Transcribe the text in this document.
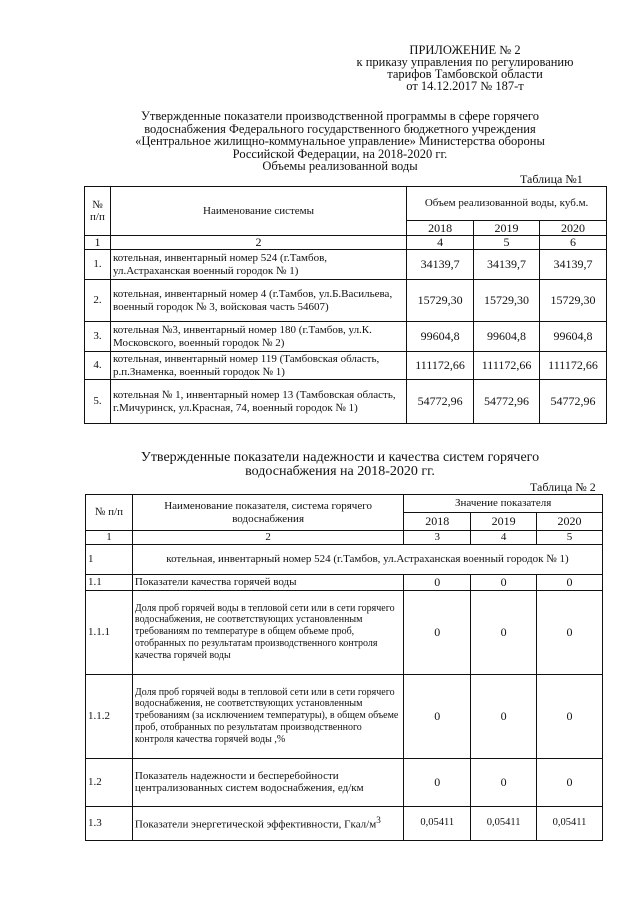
ПРИЛОЖЕНИЕ № 2
к приказу управления по регулированию
тарифов Тамбовской области
от 14.12.2017 № 187-т
Утвержденные показатели производственной программы в сфере горячего
водоснабжения Федерального государственного бюджетного учреждения
«Центральное жилищно-коммунальное управление» Министерства обороны
Российской Федерации, на 2018-2020 гг.
Объемы реализованной воды
Таблица №1
№ п/п	Наименование системы	Объем реализованной воды, куб.м.		
		2018	2019	2020
1	2	4	5	6
1.	котельная, инвентарный номер 524 (г.Тамбов, ул.Астраханская военный городок № 1)	34139,7	34139,7	34139,7
2.	котельная, инвентарный номер 4 (г.Тамбов, ул.Б.Васильева, военный городок № 3, войсковая часть 54607)	15729,30	15729,30	15729,30
3.	котельная №3, инвентарный номер 180 (г.Тамбов, ул.К. Московского, военный городок № 2)	99604,8	99604,8	99604,8
4.	котельная, инвентарный номер 119 (Тамбовская область, р.п.Знаменка, военный городок № 1)	111172,66	111172,66	111172,66
5.	котельная № 1, инвентарный номер 13 (Тамбовская область, г.Мичуринск, ул.Красная, 74, военный городок № 1)	54772,96	54772,96	54772,96
Утвержденные показатели надежности и качества систем горячего
водоснабжения на 2018-2020 гг.
Таблица № 2
№ п/п	Наименование показателя, система горячего водоснабжения	Значение показателя		
		2018	2019	2020
1	2	3	4	5
1	котельная, инвентарный номер 524 (г.Тамбов, ул.Астраханская военный городок № 1)			
1.1	Показатели качества горячей воды	0	0	0
1.1.1	Доля проб горячей воды в тепловой сети или в сети горячего водоснабжения, не соответствующих установленным требованиям по температуре в общем объеме проб, отобранных по результатам производственного контроля качества горячей воды	0	0	0
1.1.2	Доля проб горячей воды в тепловой сети или в сети горячего водоснабжения, не соответствующих установленным требованиям (за исключением температуры), в общем объеме проб, отобранных по результатам производственного контроля качества горячей воды ,%	0	0	0
1.2	Показатель надежности и бесперебойности централизованных систем водоснабжения, ед/км	0	0	0
1.3	Показатели энергетической эффективности, Гкал/$м^3$	0,05411	0,05411	0,05411
